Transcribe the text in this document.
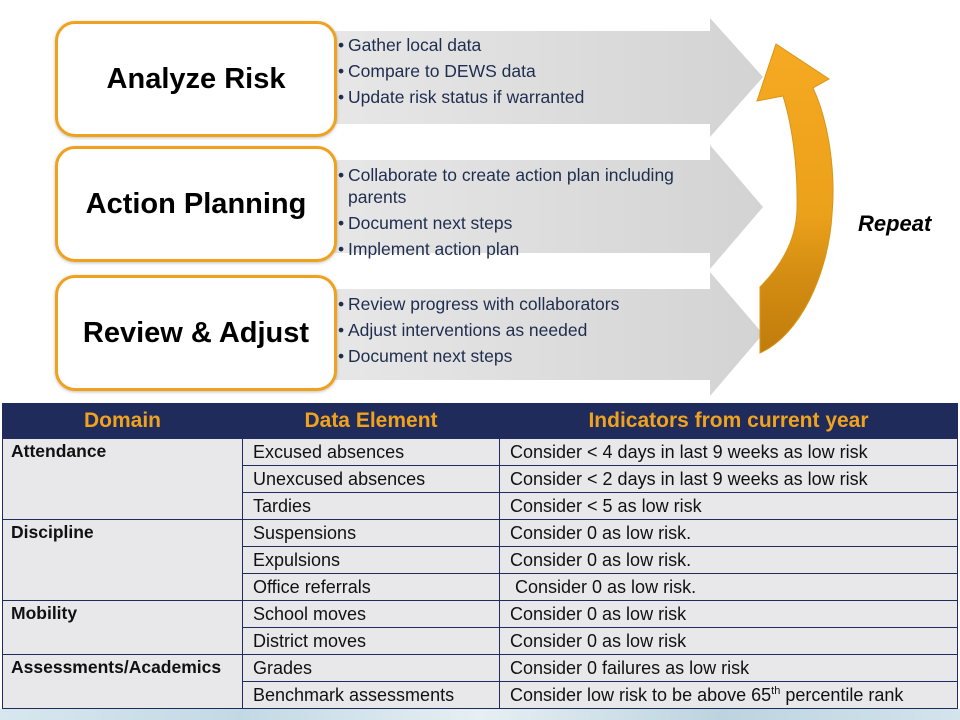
Analyze Risk
• Gather local data
• Compare to DEWS data
• Update risk status if warranted
Action Planning
• Collaborate to create action plan including parents
• Document next steps
• Implement action plan
Review & Adjust
• Review progress with collaborators
• Adjust interventions as needed
• Document next steps
Repeat
Domain	Data Element	Indicators from current year
Attendance	Excused absences	Consider < 4 days in last 9 weeks as low risk
	Unexcused absences	Consider < 2 days in last 9 weeks as low risk
	Tardies	Consider < 5 as low risk
Discipline	Suspensions	Consider 0 as low risk.
	Expulsions	Consider 0 as low risk.
	Office referrals	Consider 0 as low risk.
Mobility	School moves	Consider 0 as low risk
	District moves	Consider 0 as low risk
Assessments/Academics	Grades	Consider 0 failures as low risk
	Benchmark assessments	Consider low risk to be above 65th percentile rank
